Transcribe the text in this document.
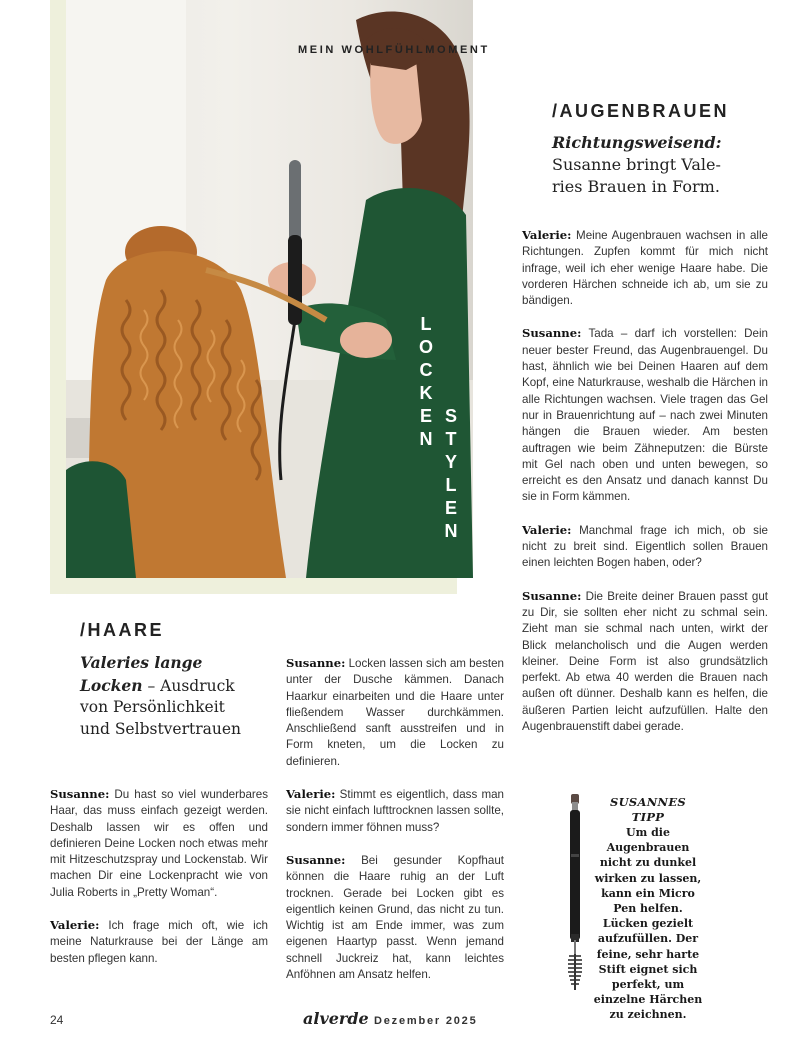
MEIN WOHLFÜHLMOMENT
L
O
C
K
E
N
S
T
Y
L
E
N
/AUGENBRAUEN
Richtungsweisend:
Susanne bringt Vale-
ries Brauen in Form.

Valerie: Meine Augenbrauen wachsen in alle Richtungen. Zupfen kommt für mich nicht infrage, weil ich eher wenige Haare habe. Die vorderen Härchen schneide ich ab, um sie zu bändigen.

Susanne: Tada – darf ich vorstellen: Dein neuer bester Freund, das Augenbrauengel. Du hast, ähnlich wie bei Deinen Haaren auf dem Kopf, eine Naturkrause, weshalb die Härchen in alle Richtungen wachsen. Viele tragen das Gel nur in Brauenrichtung auf – nach zwei Minuten hängen die Brauen wieder. Am besten auftragen wie beim Zähneputzen: die Bürste mit Gel nach oben und unten bewegen, so erreicht es den Ansatz und danach kannst Du sie in Form kämmen.

Valerie: Manchmal frage ich mich, ob sie nicht zu breit sind. Eigentlich sollen Brauen einen leichten Bogen haben, oder?

Susanne: Die Breite deiner Brauen passt gut zu Dir, sie sollten eher nicht zu schmal sein. Zieht man sie schmal nach unten, wirkt der Blick melancholisch und die Augen werden kleiner. Deine Form ist also grundsätzlich perfekt. Ab etwa 40 werden die Brauen nach außen oft dünner. Deshalb kann es helfen, die äußeren Partien leicht aufzufüllen. Halte den Augenbrauenstift dabei gerade.

/HAARE
Valeries lange
Locken – Ausdruck
von Persönlichkeit
und Selbstvertrauen

Susanne: Du hast so viel wunderbares Haar, das muss einfach gezeigt werden. Deshalb lassen wir es offen und definieren Deine Locken noch etwas mehr mit Hitzeschutzspray und Lockenstab. Wir machen Dir eine Lockenpracht wie von Julia Roberts in „Pretty Woman“.

Valerie: Ich frage mich oft, wie ich meine Naturkrause bei der Länge am besten pflegen kann.

Susanne: Locken lassen sich am besten unter der Dusche kämmen. Danach Haarkur einarbeiten und die Haare unter fließendem Wasser durchkämmen. Anschließend sanft ausstreifen und in Form kneten, um die Locken zu definieren.

Valerie: Stimmt es eigentlich, dass man sie nicht einfach lufttrocknen lassen sollte, sondern immer föhnen muss?

Susanne: Bei gesunder Kopfhaut können die Haare ruhig an der Luft trocknen. Gerade bei Locken gibt es eigentlich keinen Grund, das nicht zu tun. Wichtig ist am Ende immer, was zum eigenen Haartyp passt. Wenn jemand schnell Juckreiz hat, kann leichtes Anföhnen am Ansatz helfen.

SUSANNES
TIPP
Um die Augenbrauen nicht zu dunkel wirken zu lassen, kann ein Micro Pen helfen. Lücken gezielt aufzufüllen. Der feine, sehr harte Stift eignet sich perfekt, um einzelne Härchen zu zeichnen.
24	alverde Dezember 2025
